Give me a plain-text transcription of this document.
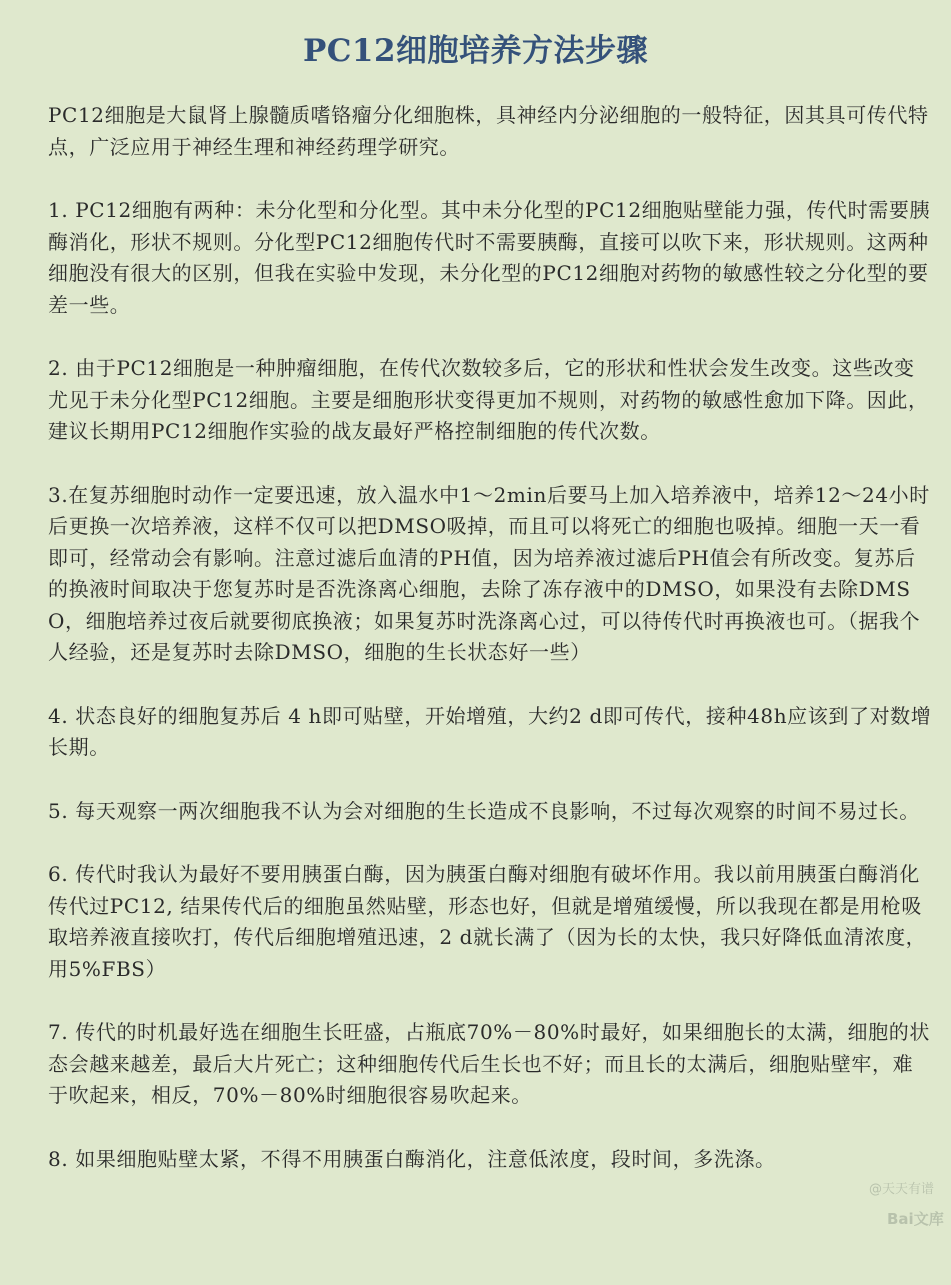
PC12细胞培养方法步骤

PC12细胞是大鼠肾上腺髓质嗜铬瘤分化细胞株，具神经内分泌细胞的一般特征，因其具可传代特点，广泛应用于神经生理和神经药理学研究。

1. PC12细胞有两种：未分化型和分化型。其中未分化型的PC12细胞贴壁能力强，传代时需要胰酶消化，形状不规则。分化型PC12细胞传代时不需要胰酶，直接可以吹下来，形状规则。这两种细胞没有很大的区别，但我在实验中发现，未分化型的PC12细胞对药物的敏感性较之分化型的要差一些。

2. 由于PC12细胞是一种肿瘤细胞，在传代次数较多后，它的形状和性状会发生改变。这些改变尤见于未分化型PC12细胞。主要是细胞形状变得更加不规则，对药物的敏感性愈加下降。因此，建议长期用PC12细胞作实验的战友最好严格控制细胞的传代次数。

3.在复苏细胞时动作一定要迅速，放入温水中1～2min后要马上加入培养液中，培养12～24小时后更换一次培养液，这样不仅可以把DMSO吸掉，而且可以将死亡的细胞也吸掉。细胞一天一看即可，经常动会有影响。注意过滤后血清的PH值，因为培养液过滤后PH值会有所改变。复苏后的换液时间取决于您复苏时是否洗涤离心细胞，去除了冻存液中的DMSO，如果没有去除DMSO，细胞培养过夜后就要彻底换液；如果复苏时洗涤离心过，可以待传代时再换液也可。（据我个人经验，还是复苏时去除DMSO，细胞的生长状态好一些）

4. 状态良好的细胞复苏后 4 h即可贴壁，开始增殖，大约2 d即可传代，接种48h应该到了对数增长期。

5. 每天观察一两次细胞我不认为会对细胞的生长造成不良影响，不过每次观察的时间不易过长。

6. 传代时我认为最好不要用胰蛋白酶，因为胰蛋白酶对细胞有破坏作用。我以前用胰蛋白酶消化传代过PC12, 结果传代后的细胞虽然贴壁，形态也好，但就是增殖缓慢，所以我现在都是用枪吸取培养液直接吹打，传代后细胞增殖迅速，2 d就长满了（因为长的太快，我只好降低血清浓度，用5%FBS）

7. 传代的时机最好选在细胞生长旺盛，占瓶底70%－80%时最好，如果细胞长的太满，细胞的状态会越来越差，最后大片死亡；这种细胞传代后生长也不好；而且长的太满后，细胞贴壁牢，难于吹起来，相反，70%－80%时细胞很容易吹起来。

8. 如果细胞贴壁太紧，不得不用胰蛋白酶消化，注意低浓度，段时间，多洗涤。

@天天有谱
Bai文库
